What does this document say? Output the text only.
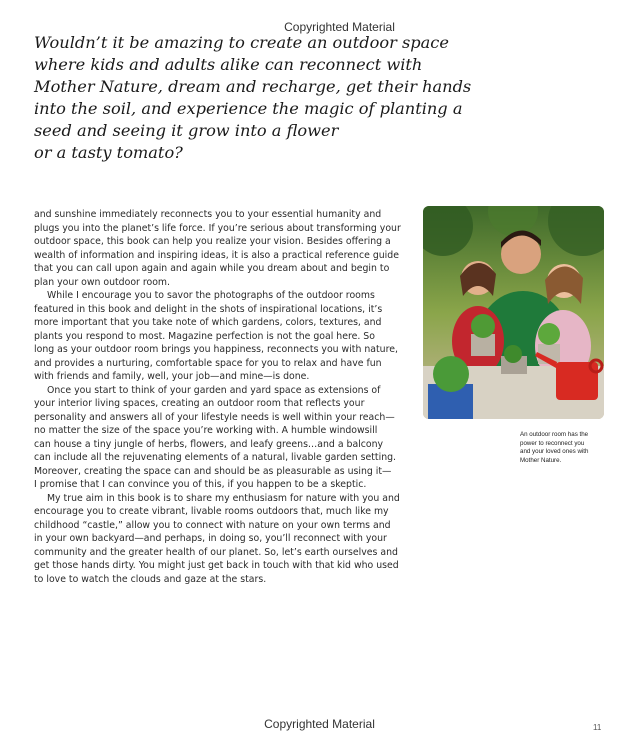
Copyrighted Material
Wouldn’t it be amazing to create an outdoor space
where kids and adults alike can reconnect with
Mother Nature, dream and recharge, get their hands
into the soil, and experience the magic of planting a
seed and seeing it grow into a flower
or a tasty tomato?
and sunshine immediately reconnects you to your essential humanity and
plugs you into the planet’s life force. If you’re serious about transforming your
outdoor space, this book can help you realize your vision. Besides offering a
wealth of information and inspiring ideas, it is also a practical reference guide
that you can call upon again and again while you dream about and begin to
plan your own outdoor room.
While I encourage you to savor the photographs of the outdoor rooms
featured in this book and delight in the shots of inspirational locations, it’s
more important that you take note of which gardens, colors, textures, and
plants you respond to most. Magazine perfection is not the goal here. So
long as your outdoor room brings you happiness, reconnects you with nature,
and provides a nurturing, comfortable space for you to relax and have fun
with friends and family, well, your job—and mine—is done.
Once you start to think of your garden and yard space as extensions of
your interior living spaces, creating an outdoor room that reflects your
personality and answers all of your lifestyle needs is well within your reach—
no matter the size of the space you’re working with. A humble windowsill
can house a tiny jungle of herbs, flowers, and leafy greens…and a balcony
can include all the rejuvenating elements of a natural, livable garden setting.
Moreover, creating the space can and should be as pleasurable as using it—
I promise that I can convince you of this, if you happen to be a skeptic.
My true aim in this book is to share my enthusiasm for nature with you and
encourage you to create vibrant, livable rooms outdoors that, much like my
childhood “castle,” allow you to connect with nature on your own terms and
in your own backyard—and perhaps, in doing so, you’ll reconnect with your
community and the greater health of our planet. So, let’s earth ourselves and
get those hands dirty. You might just get back in touch with that kid who used
to love to watch the clouds and gaze at the stars.
An outdoor room has the
power to reconnect you
and your loved ones with
Mother Nature.
Copyrighted Material	11
